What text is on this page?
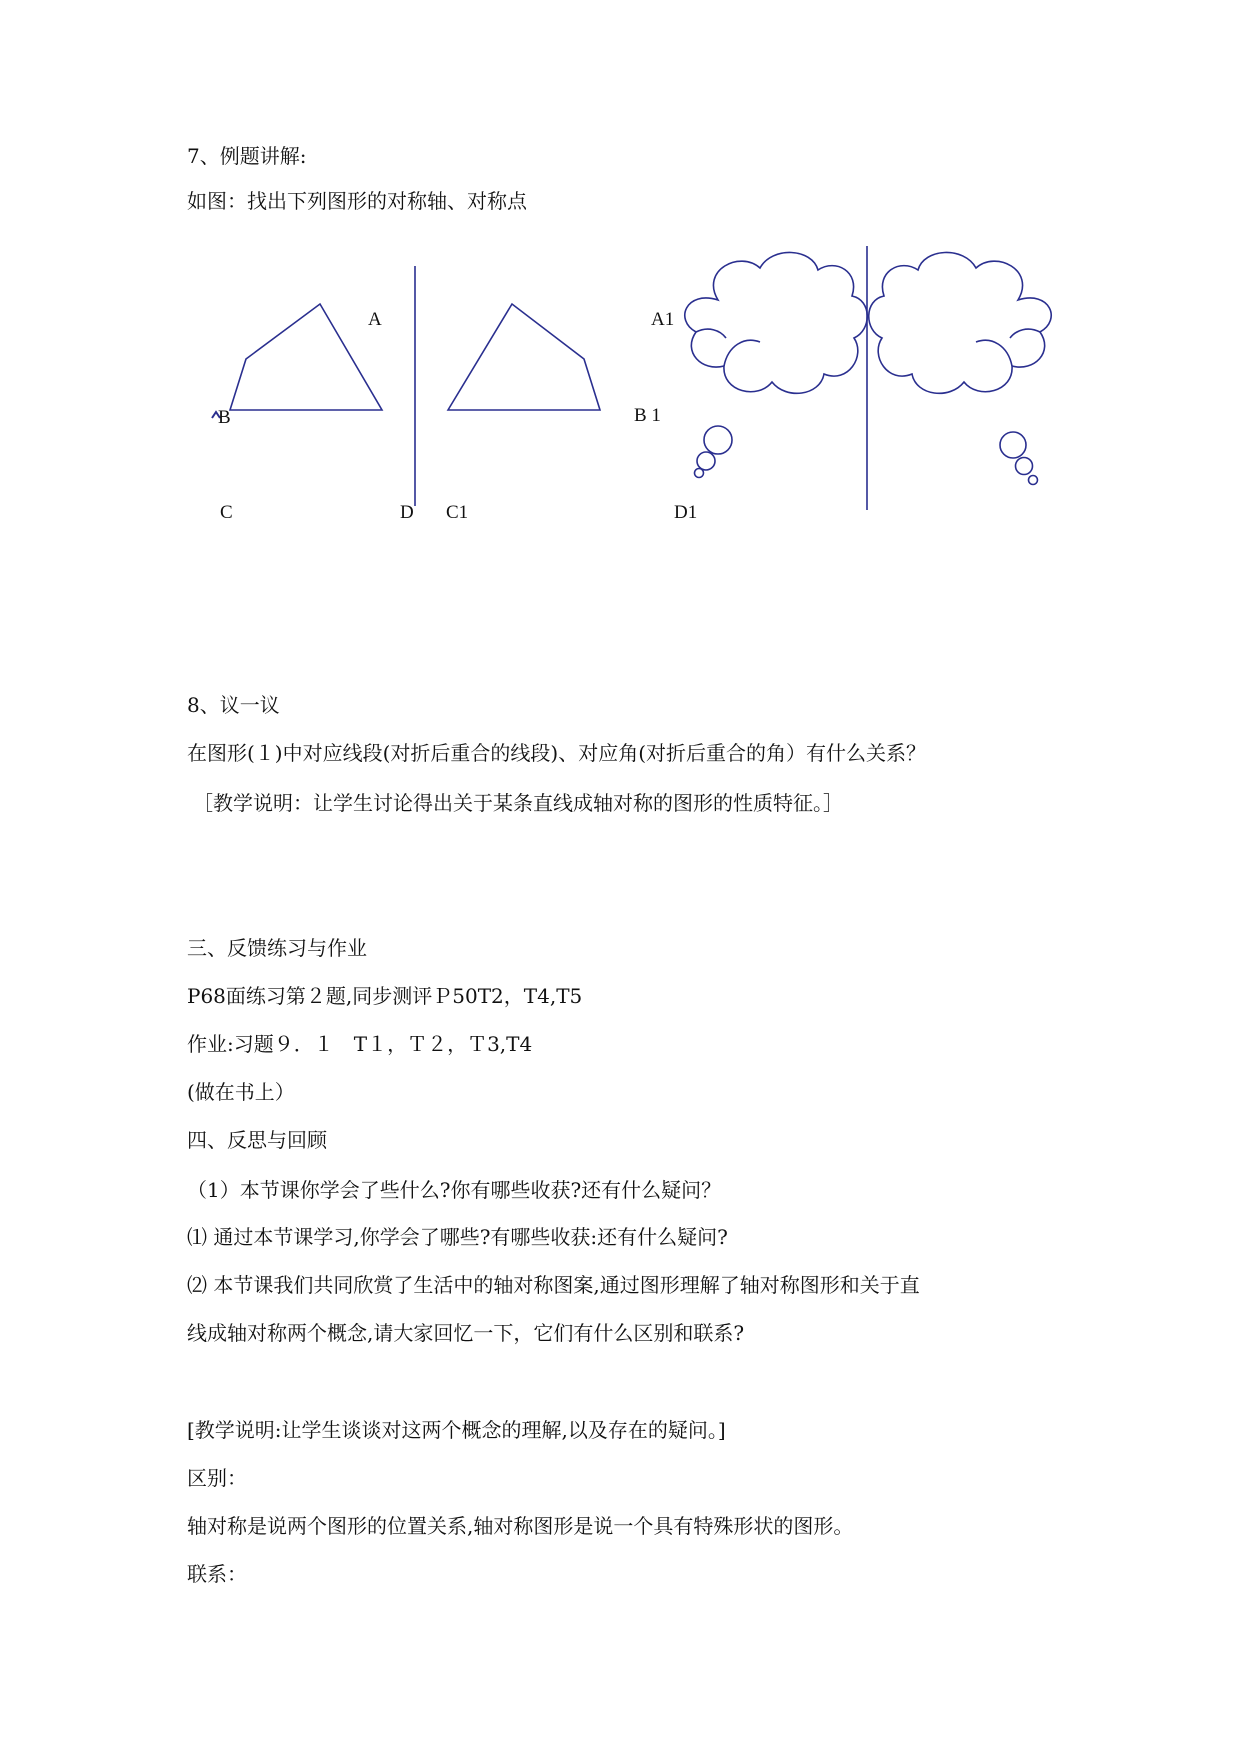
7、例题讲解:
如图：找出下列图形的对称轴、对称点
A
B
C	D C1
A1
B 1
D1
8、议一议
在图形(１)中对应线段(对折后重合的线段)、对应角(对折后重合的角）有什么关系？
［教学说明：让学生讨论得出关于某条直线成轴对称的图形的性质特征。］
三、反馈练习与作业
P68面练习第２题,同步测评Ｐ50T2，T4,T5
作业:习题９．１　T１，Ｔ２，Ｔ3,T4
(做在书上）
四、反思与回顾
（1）本节课你学会了些什么?你有哪些收获?还有什么疑问？
⑴ 通过本节课学习,你学会了哪些?有哪些收获:还有什么疑问?
⑵ 本节课我们共同欣赏了生活中的轴对称图案,通过图形理解了轴对称图形和关于直
线成轴对称两个概念,请大家回忆一下，它们有什么区别和联系?
[教学说明:让学生谈谈对这两个概念的理解,以及存在的疑问。]
区别：
轴对称是说两个图形的位置关系,轴对称图形是说一个具有特殊形状的图形。
联系：
